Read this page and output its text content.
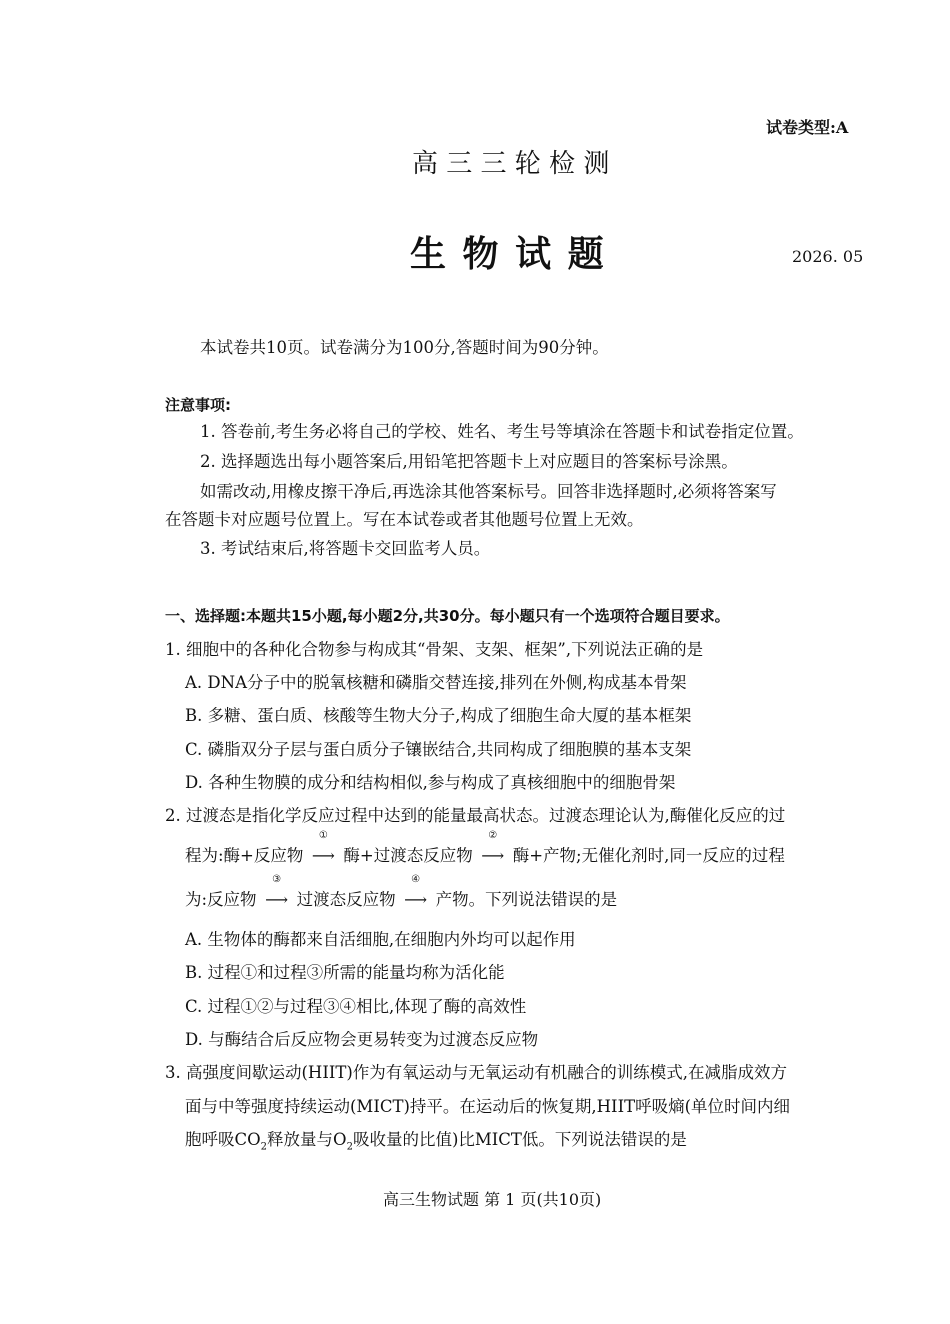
试卷类型:A
高 三 三 轮 检 测
生 物 试 题	2026. 05
本试卷共10页。试卷满分为100分,答题时间为90分钟。
注意事项:
1. 答卷前,考生务必将自己的学校、姓名、考生号等填涂在答题卡和试卷指定位置。
2. 选择题选出每小题答案后,用铅笔把答题卡上对应题目的答案标号涂黑。
如需改动,用橡皮擦干净后,再选涂其他答案标号。回答非选择题时,必须将答案写
在答题卡对应题号位置上。写在本试卷或者其他题号位置上无效。
3. 考试结束后,将答题卡交回监考人员。
一、选择题:本题共15小题,每小题2分,共30分。每小题只有一个选项符合题目要求。
1. 细胞中的各种化合物参与构成其“骨架、支架、框架”,下列说法正确的是
A. DNA分子中的脱氧核糖和磷脂交替连接,排列在外侧,构成基本骨架
B. 多糖、蛋白质、核酸等生物大分子,构成了细胞生命大厦的基本框架
C. 磷脂双分子层与蛋白质分子镶嵌结合,共同构成了细胞膜的基本支架
D. 各种生物膜的成分和结构相似,参与构成了真核细胞中的细胞骨架
2. 过渡态是指化学反应过程中达到的能量最高状态。过渡态理论认为,酶催化反应的过
程为:酶+反应物
①
⟶ 酶+过渡态反应物
②
⟶ 酶+产物;无催化剂时,同一反应的过程
为:反应物
③
⟶ 过渡态反应物
④
⟶ 产物。下列说法错误的是
A. 生物体的酶都来自活细胞,在细胞内外均可以起作用
B. 过程①和过程③所需的能量均称为活化能
C. 过程①②与过程③④相比,体现了酶的高效性
D. 与酶结合后反应物会更易转变为过渡态反应物
3. 高强度间歇运动(HIIT)作为有氧运动与无氧运动有机融合的训练模式,在减脂成效方
面与中等强度持续运动(MICT)持平。在运动后的恢复期,HIIT呼吸熵(单位时间内细
胞呼吸$CO_2$释放量与$O_2$吸收量的比值)比MICT低。下列说法错误的是
高三生物试题 第 1 页(共10页)
